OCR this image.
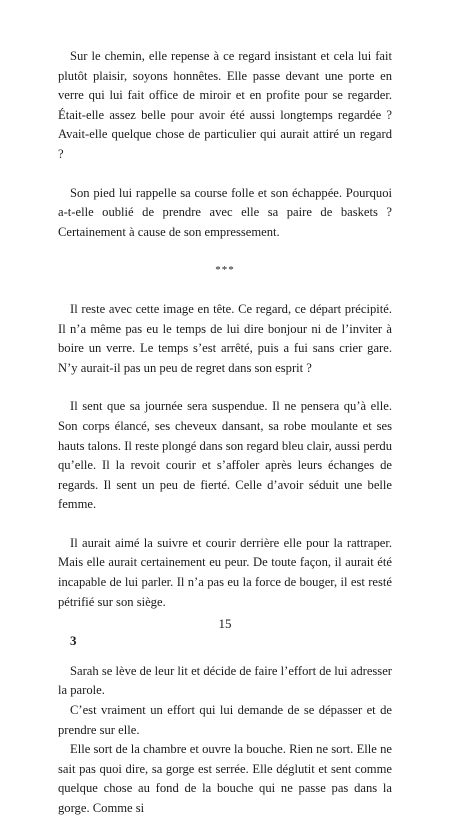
Sur le chemin, elle repense à ce regard insistant et cela lui fait plutôt plaisir, soyons honnêtes. Elle passe devant une porte en verre qui lui fait office de miroir et en profite pour se regarder. Était-elle assez belle pour avoir été aussi longtemps regardée ? Avait-elle quelque chose de particulier qui aurait attiré un regard ?

Son pied lui rappelle sa course folle et son échappée. Pourquoi a-t-elle oublié de prendre avec elle sa paire de baskets ? Certainement à cause de son empressement.

***

Il reste avec cette image en tête. Ce regard, ce départ précipité. Il n’a même pas eu le temps de lui dire bonjour ni de l’inviter à boire un verre. Le temps s’est arrêté, puis a fui sans crier gare. N’y aurait-il pas un peu de regret dans son esprit ?

Il sent que sa journée sera suspendue. Il ne pensera qu’à elle. Son corps élancé, ses cheveux dansant, sa robe moulante et ses hauts talons. Il reste plongé dans son regard bleu clair, aussi perdu qu’elle. Il la revoit courir et s’affoler après leurs échanges de regards. Il sent un peu de fierté. Celle d’avoir séduit une belle femme.

Il aurait aimé la suivre et courir derrière elle pour la rattraper. Mais elle aurait certainement eu peur. De toute façon, il aurait été incapable de lui parler. Il n’a pas eu la force de bouger, il est resté pétrifié sur son siège.

3

Sarah se lève de leur lit et décide de faire l’effort de lui adresser la parole.

C’est vraiment un effort qui lui demande de se dépasser et de prendre sur elle.

Elle sort de la chambre et ouvre la bouche. Rien ne sort. Elle ne sait pas quoi dire, sa gorge est serrée. Elle déglutit et sent comme quelque chose au fond de la bouche qui ne passe pas dans la gorge. Comme si

15
